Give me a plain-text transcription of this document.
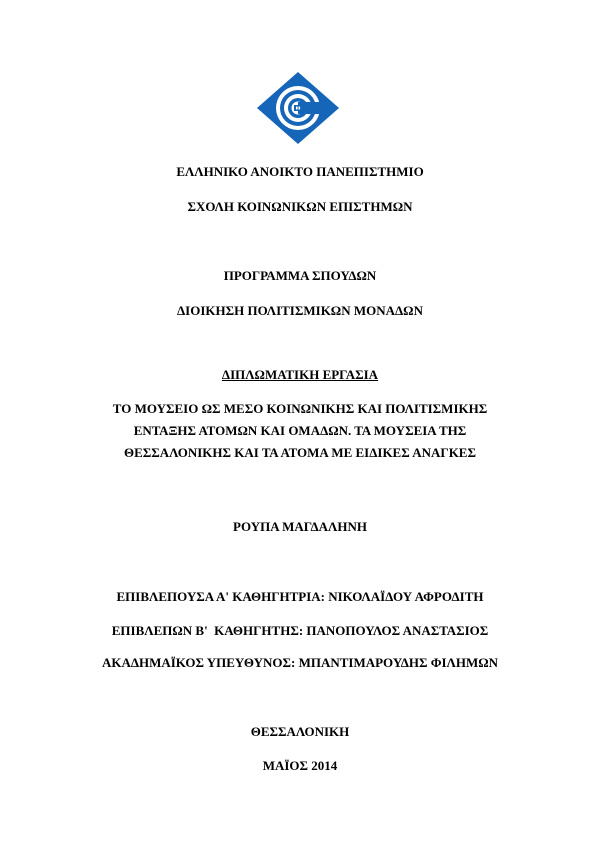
ΕΛΛΗΝΙΚΟ ΑΝΟΙΚΤΟ ΠΑΝΕΠΙΣΤΗΜΙΟ
ΣΧΟΛΗ ΚΟΙΝΩΝΙΚΩΝ ΕΠΙΣΤΗΜΩΝ
ΠΡΟΓΡΑΜΜΑ ΣΠΟΥΔΩΝ
ΔΙΟΙΚΗΣΗ ΠΟΛΙΤΙΣΜΙΚΩΝ ΜΟΝΑΔΩΝ
ΔΙΠΛΩΜΑΤΙΚΗ ΕΡΓΑΣΙΑ
ΤΟ ΜΟΥΣΕΙΟ ΩΣ ΜΕΣΟ ΚΟΙΝΩΝΙΚΗΣ ΚΑΙ ΠΟΛΙΤΙΣΜΙΚΗΣ
ΕΝΤΑΞΗΣ ΑΤΟΜΩΝ ΚΑΙ ΟΜΑΔΩΝ. ΤΑ ΜΟΥΣΕΙΑ ΤΗΣ
ΘΕΣΣΑΛΟΝΙΚΗΣ ΚΑΙ ΤΑ ΑΤΟΜΑ ΜΕ ΕΙΔΙΚΕΣ ΑΝΑΓΚΕΣ
ΡΟΥΠΑ ΜΑΓΔΑΛΗΝΗ
ΕΠΙΒΛΕΠΟΥΣΑ Α' ΚΑΘΗΓΗΤΡΙΑ: ΝΙΚΟΛΑΪΔΟΥ ΑΦΡΟΔΙΤΗ
ΕΠΙΒΛΕΠΩΝ Β'  ΚΑΘΗΓΗΤΗΣ: ΠΑΝΟΠΟΥΛΟΣ ΑΝΑΣΤΑΣΙΟΣ
ΑΚΑΔΗΜΑΪΚΟΣ ΥΠΕΥΘΥΝΟΣ: ΜΠΑΝΤΙΜΑΡΟΥΔΗΣ ΦΙΛΗΜΩΝ
ΘΕΣΣΑΛΟΝΙΚΗ
ΜΑΪΟΣ 2014
